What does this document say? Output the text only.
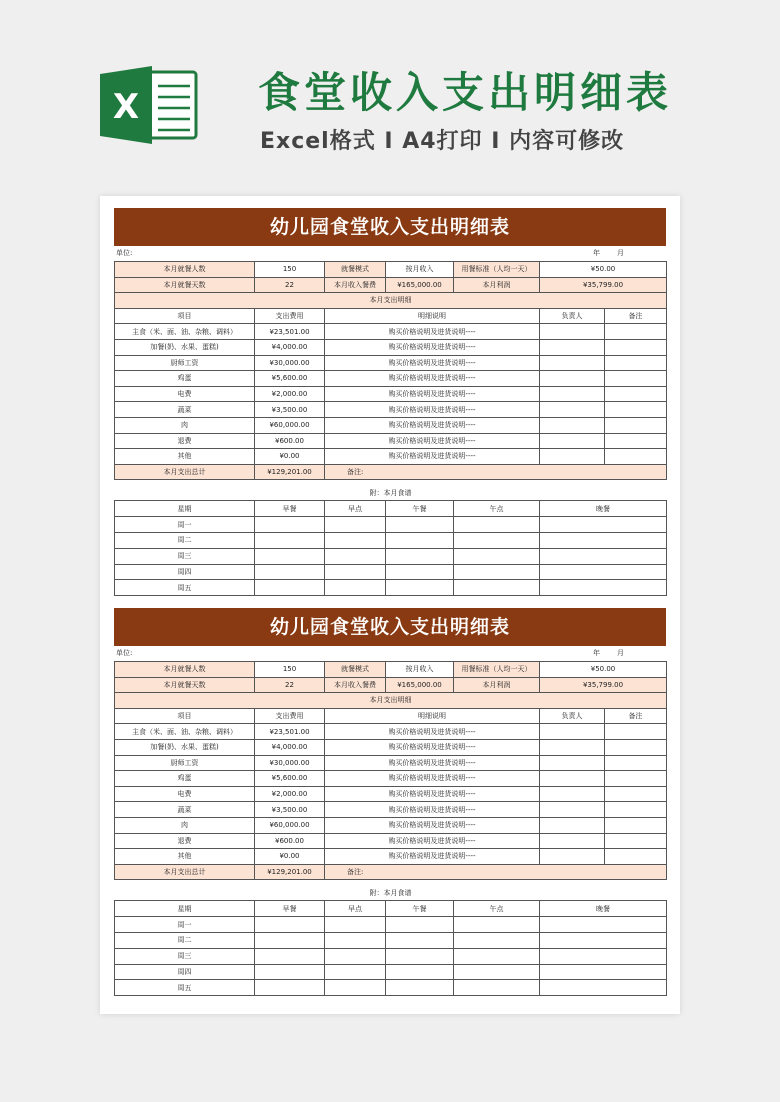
X	食堂收入支出明细表
Excel格式 I A4打印 I 内容可修改
幼儿园食堂收入支出明细表
单位:	年 月
本月就餐人数	150	就餐模式	按月收入	用餐标准（人均一天）	¥50.00	
本月就餐天数	22	本月收入餐费	¥165,000.00	本月利润	¥35,799.00	
本月支出明细						
项目	支出费用	明细说明			负责人	备注
主食（米、面、油、杂粮、调料）	¥23,501.00	购买价格说明及进货说明----				
加餐(奶、水果、蛋糕)	¥4,000.00	购买价格说明及进货说明----				
厨师工资	¥30,000.00	购买价格说明及进货说明----				
鸡蛋	¥5,600.00	购买价格说明及进货说明----				
电费	¥2,000.00	购买价格说明及进货说明----				
蔬菜	¥3,500.00	购买价格说明及进货说明----				
肉	¥60,000.00	购买价格说明及进货说明----				
退费	¥600.00	购买价格说明及进货说明----				
其他	¥0.00	购买价格说明及进货说明----				
本月支出总计	¥129,201.00	备注:				
附：本月食谱					
星期	早餐	早点	午餐	午点	晚餐
周一					
周二					
周三					
周四					
周五					
幼儿园食堂收入支出明细表
单位:	年 月
本月就餐人数	150	就餐模式	按月收入	用餐标准（人均一天）	¥50.00	
本月就餐天数	22	本月收入餐费	¥165,000.00	本月利润	¥35,799.00	
本月支出明细						
项目	支出费用	明细说明			负责人	备注
主食（米、面、油、杂粮、调料）	¥23,501.00	购买价格说明及进货说明----				
加餐(奶、水果、蛋糕)	¥4,000.00	购买价格说明及进货说明----				
厨师工资	¥30,000.00	购买价格说明及进货说明----				
鸡蛋	¥5,600.00	购买价格说明及进货说明----				
电费	¥2,000.00	购买价格说明及进货说明----				
蔬菜	¥3,500.00	购买价格说明及进货说明----				
肉	¥60,000.00	购买价格说明及进货说明----				
退费	¥600.00	购买价格说明及进货说明----				
其他	¥0.00	购买价格说明及进货说明----				
本月支出总计	¥129,201.00	备注:				
附：本月食谱					
星期	早餐	早点	午餐	午点	晚餐
周一					
周二					
周三					
周四					
周五					
